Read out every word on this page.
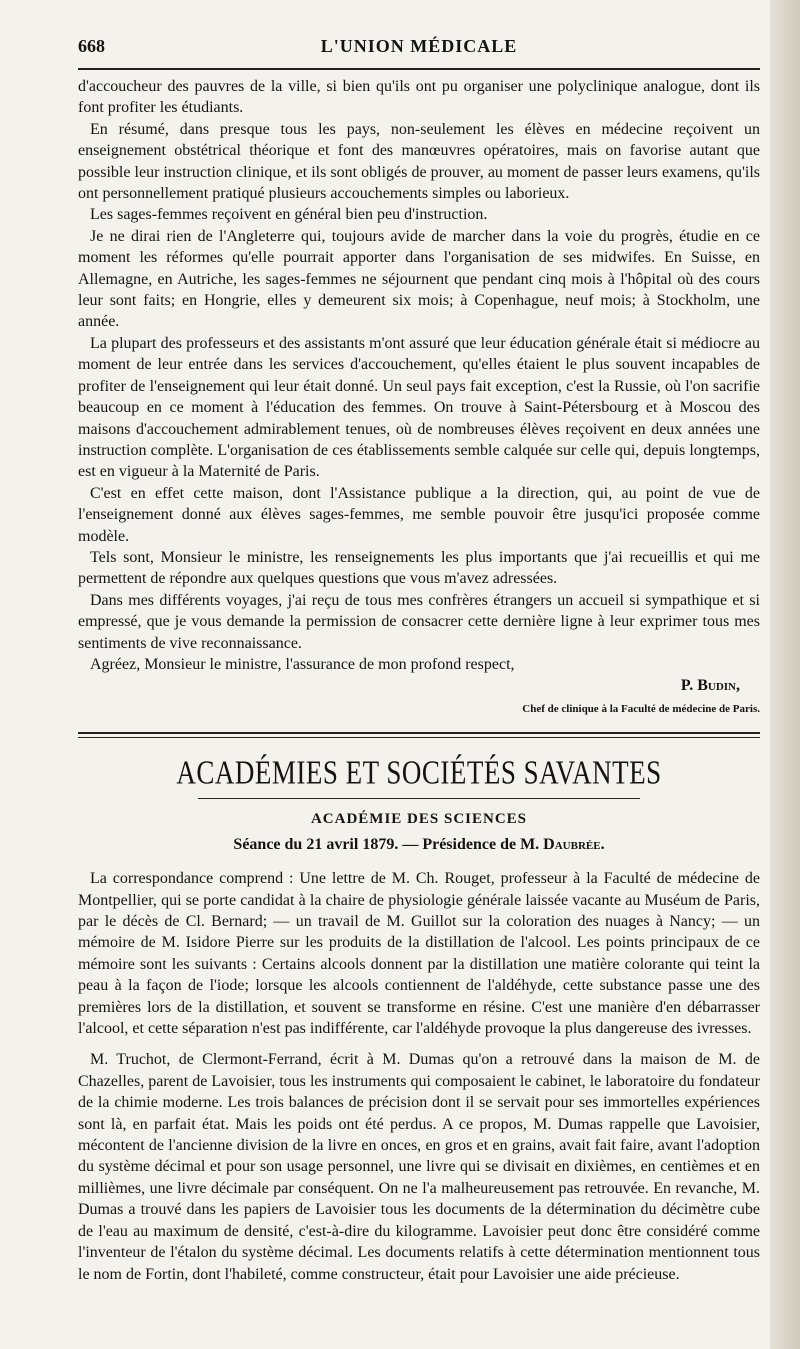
668	L'UNION MÉDICALE

d'accoucheur des pauvres de la ville, si bien qu'ils ont pu organiser une polyclinique analogue, dont ils font profiter les étudiants.

En résumé, dans presque tous les pays, non-seulement les élèves en médecine reçoivent un enseignement obstétrical théorique et font des manœuvres opératoires, mais on favorise autant que possible leur instruction clinique, et ils sont obligés de prouver, au moment de passer leurs examens, qu'ils ont personnellement pratiqué plusieurs accouchements simples ou laborieux.

Les sages-femmes reçoivent en général bien peu d'instruction.

Je ne dirai rien de l'Angleterre qui, toujours avide de marcher dans la voie du progrès, étudie en ce moment les réformes qu'elle pourrait apporter dans l'organisation de ses midwifes. En Suisse, en Allemagne, en Autriche, les sages-femmes ne séjournent que pendant cinq mois à l'hôpital où des cours leur sont faits; en Hongrie, elles y demeurent six mois; à Copenhague, neuf mois; à Stockholm, une année.

La plupart des professeurs et des assistants m'ont assuré que leur éducation générale était si médiocre au moment de leur entrée dans les services d'accouchement, qu'elles étaient le plus souvent incapables de profiter de l'enseignement qui leur était donné. Un seul pays fait exception, c'est la Russie, où l'on sacrifie beaucoup en ce moment à l'éducation des femmes. On trouve à Saint-Pétersbourg et à Moscou des maisons d'accouchement admirablement tenues, où de nombreuses élèves reçoivent en deux années une instruction complète. L'organisation de ces établissements semble calquée sur celle qui, depuis longtemps, est en vigueur à la Maternité de Paris.

C'est en effet cette maison, dont l'Assistance publique a la direction, qui, au point de vue de l'enseignement donné aux élèves sages-femmes, me semble pouvoir être jusqu'ici proposée comme modèle.

Tels sont, Monsieur le ministre, les renseignements les plus importants que j'ai recueillis et qui me permettent de répondre aux quelques questions que vous m'avez adressées.

Dans mes différents voyages, j'ai reçu de tous mes confrères étrangers un accueil si sympathique et si empressé, que je vous demande la permission de consacrer cette dernière ligne à leur exprimer tous mes sentiments de vive reconnaissance.

Agréez, Monsieur le ministre, l'assurance de mon profond respect,

P. Budin,

Chef de clinique à la Faculté de médecine de Paris.

ACADÉMIES ET SOCIÉTÉS SAVANTES
ACADÉMIE DES SCIENCES
Séance du 21 avril 1879. — Présidence de M. Daubrée.

La correspondance comprend : Une lettre de M. Ch. Rouget, professeur à la Faculté de médecine de Montpellier, qui se porte candidat à la chaire de physiologie générale laissée vacante au Muséum de Paris, par le décès de Cl. Bernard; — un travail de M. Guillot sur la coloration des nuages à Nancy; — un mémoire de M. Isidore Pierre sur les produits de la distillation de l'alcool. Les points principaux de ce mémoire sont les suivants : Certains alcools donnent par la distillation une matière colorante qui teint la peau à la façon de l'iode; lorsque les alcools contiennent de l'aldéhyde, cette substance passe une des premières lors de la distillation, et souvent se transforme en résine. C'est une manière d'en débarrasser l'alcool, et cette séparation n'est pas indifférente, car l'aldéhyde provoque la plus dangereuse des ivresses.

M. Truchot, de Clermont-Ferrand, écrit à M. Dumas qu'on a retrouvé dans la maison de M. de Chazelles, parent de Lavoisier, tous les instruments qui composaient le cabinet, le laboratoire du fondateur de la chimie moderne. Les trois balances de précision dont il se servait pour ses immortelles expériences sont là, en parfait état. Mais les poids ont été perdus. A ce propos, M. Dumas rappelle que Lavoisier, mécontent de l'ancienne division de la livre en onces, en gros et en grains, avait fait faire, avant l'adoption du système décimal et pour son usage personnel, une livre qui se divisait en dixièmes, en centièmes et en millièmes, une livre décimale par conséquent. On ne l'a malheureusement pas retrouvée. En revanche, M. Dumas a trouvé dans les papiers de Lavoisier tous les documents de la détermination du décimètre cube de l'eau au maximum de densité, c'est-à-dire du kilogramme. Lavoisier peut donc être considéré comme l'inventeur de l'étalon du système décimal. Les documents relatifs à cette détermination mentionnent tous le nom de Fortin, dont l'habileté, comme constructeur, était pour Lavoisier une aide précieuse.
